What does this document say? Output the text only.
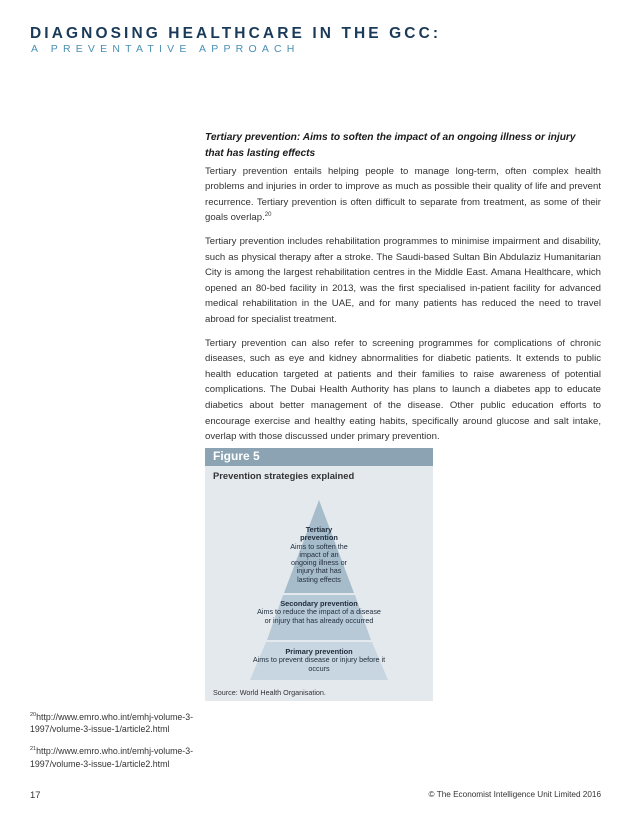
DIAGNOSING HEALTHCARE IN THE GCC:

A PREVENTATIVE APPROACH

Tertiary prevention: Aims to soften the impact of an ongoing illness or injury
that has lasting effects

Tertiary prevention entails helping people to manage long-term, often complex health problems and injuries in order to improve as much as possible their quality of life and prevent recurrence. Tertiary prevention is often difficult to separate from treatment, as some of their goals overlap.$^{20}$

Tertiary prevention includes rehabilitation programmes to minimise impairment and disability, such as physical therapy after a stroke. The Saudi-based Sultan Bin Abdulaziz Humanitarian City is among the largest rehabilitation centres in the Middle East. Amana Healthcare, which opened an 80-bed facility in 2013, was the first specialised in-patient facility for advanced medical rehabilitation in the UAE, and for many patients has reduced the need to travel abroad for specialist treatment.

Tertiary prevention can also refer to screening programmes for complications of chronic diseases, such as eye and kidney abnormalities for diabetic patients. It extends to public health education targeted at patients and their families to raise awareness of potential complications. The Dubai Health Authority has plans to launch a diabetes app to educate diabetics about better management of the disease. Other public education efforts to encourage exercise and healthy eating habits, specifically around glucose and salt intake, overlap with those discussed under primary prevention.

Figure 5
Prevention strategies explained
Tertiary prevention
Aims to soften the impact of an ongoing illness or injury that has lasting effects
Secondary prevention
Aims to reduce the impact of a disease or injury that has already occurred
Primary prevention
Aims to prevent disease or injury before it occurs
Source: World Health Organisation.

$^{20}$http://www.emro.who.int/emhj-volume-3-1997/volume-3-issue-1/article2.html

$^{21}$http://www.emro.who.int/emhj-volume-3-1997/volume-3-issue-1/article2.html

17	© The Economist Intelligence Unit Limited 2016
